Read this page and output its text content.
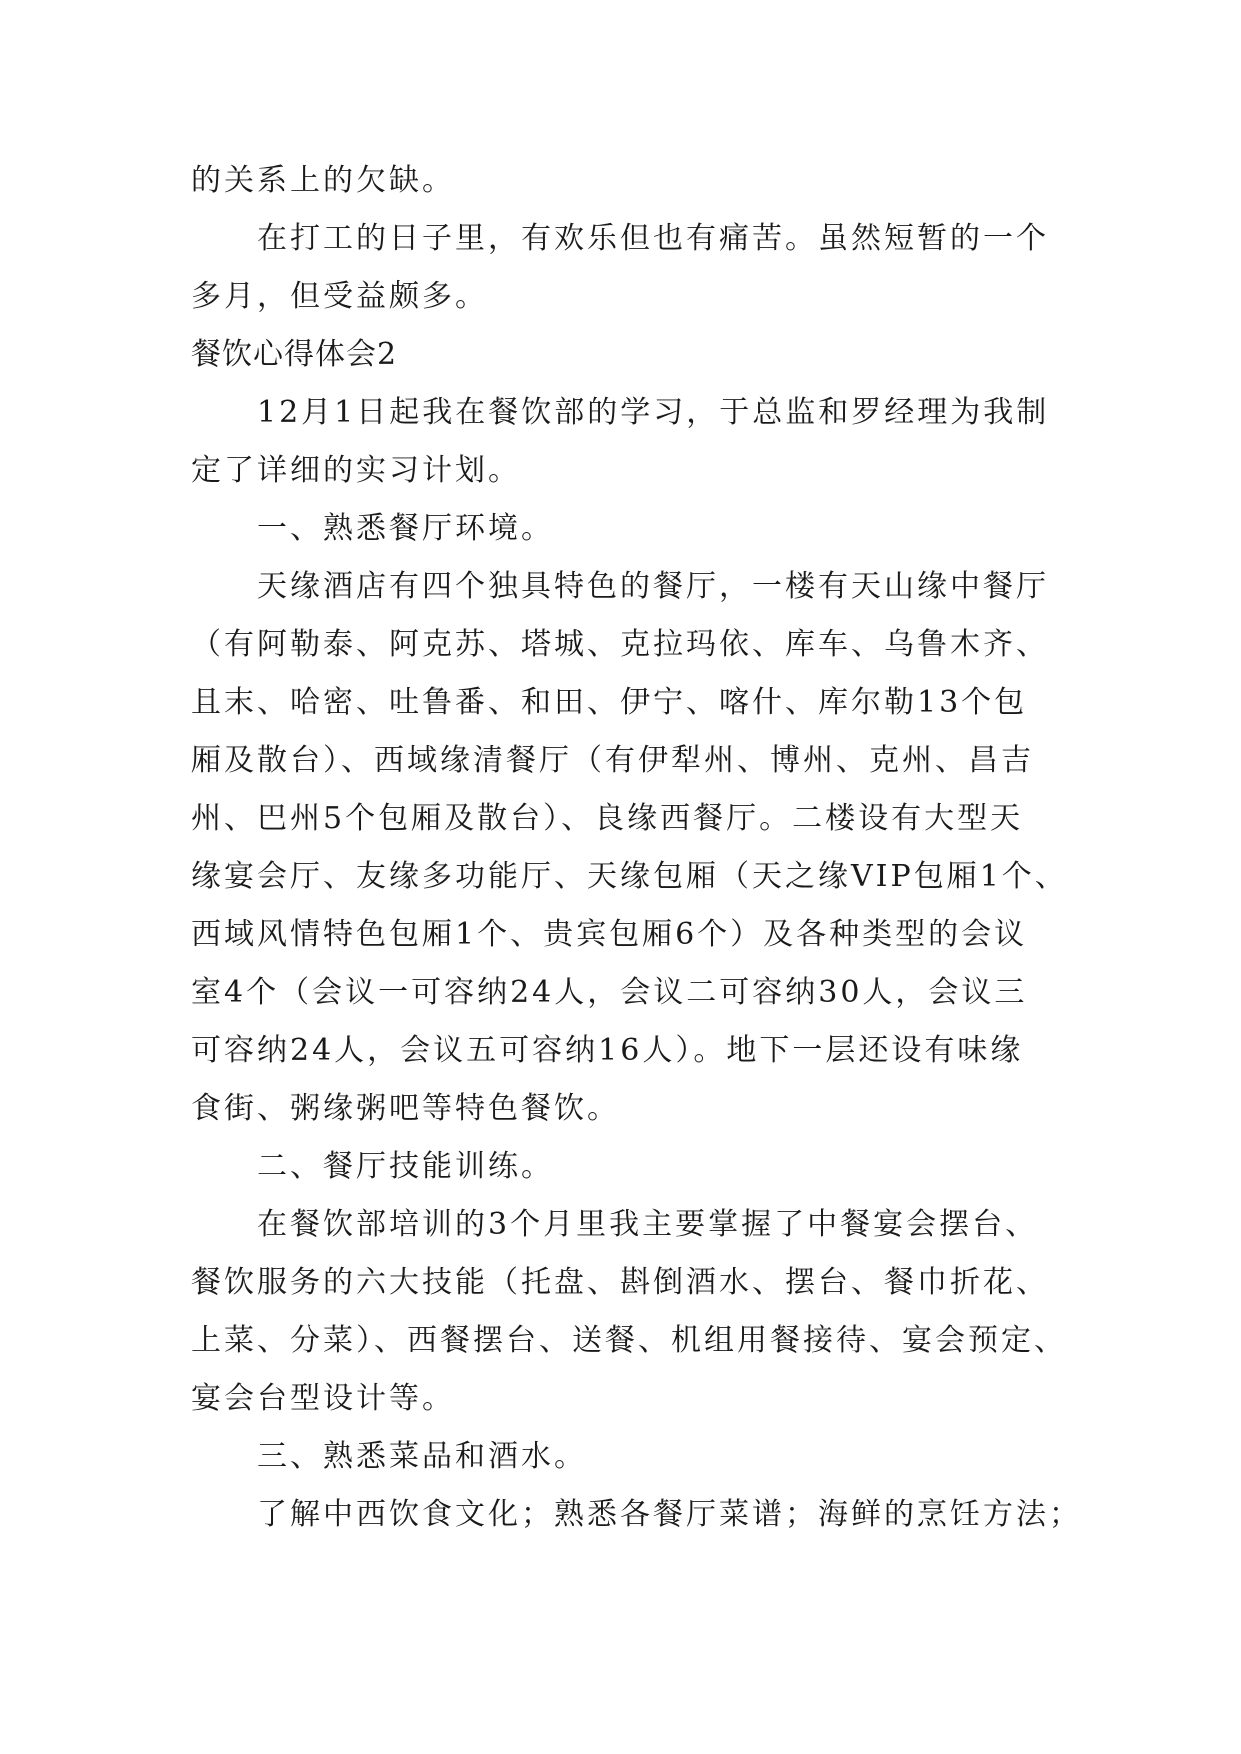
的关系上的欠缺。
在打工的日子里，有欢乐但也有痛苦。虽然短暂的一个
多月，但受益颇多。
餐饮心得体会2
12月1日起我在餐饮部的学习，于总监和罗经理为我制
定了详细的实习计划。
一、熟悉餐厅环境。
天缘酒店有四个独具特色的餐厅，一楼有天山缘中餐厅
（有阿勒泰、阿克苏、塔城、克拉玛依、库车、乌鲁木齐、
且末、哈密、吐鲁番、和田、伊宁、喀什、库尔勒13个包
厢及散台）、西域缘清餐厅（有伊犁州、博州、克州、昌吉
州、巴州5个包厢及散台）、良缘西餐厅。二楼设有大型天
缘宴会厅、友缘多功能厅、天缘包厢（天之缘VIP包厢1个、
西域风情特色包厢1个、贵宾包厢6个）及各种类型的会议
室4个（会议一可容纳24人，会议二可容纳30人，会议三
可容纳24人，会议五可容纳16人）。地下一层还设有味缘
食街、粥缘粥吧等特色餐饮。
二、餐厅技能训练。
在餐饮部培训的3个月里我主要掌握了中餐宴会摆台、
餐饮服务的六大技能（托盘、斟倒酒水、摆台、餐巾折花、
上菜、分菜）、西餐摆台、送餐、机组用餐接待、宴会预定、
宴会台型设计等。
三、熟悉菜品和酒水。
了解中西饮食文化；熟悉各餐厅菜谱；海鲜的烹饪方法；
